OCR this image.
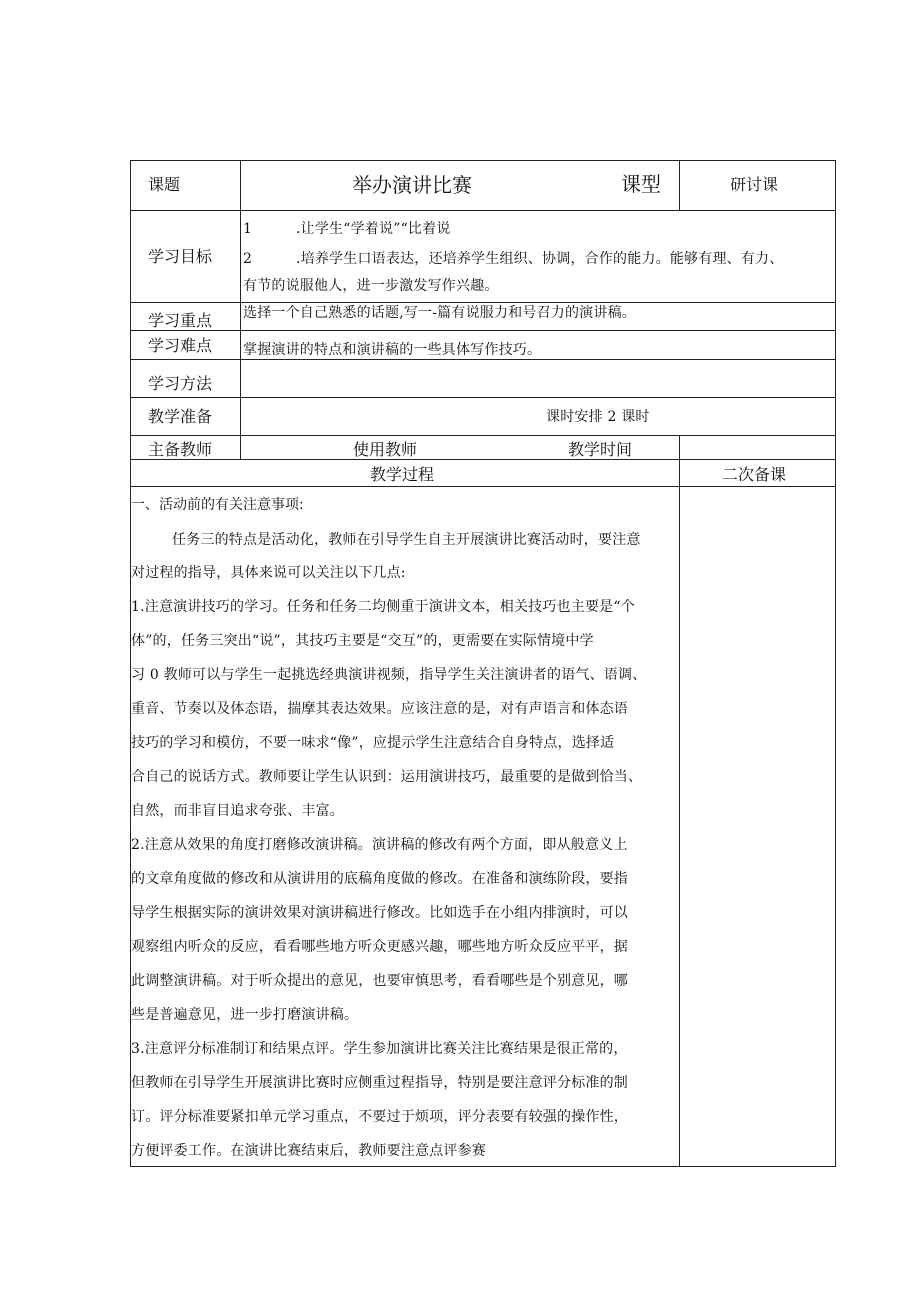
课题	举办演讲比赛	课型	研讨课
学习目标
1	.让学生“学着说”“比着说
2	.培养学生口语表达，还培养学生组织、协调，合作的能力。能够有理、有力、
有节的说服他人，进一步激发写作兴趣。
学习重点 选择一个自己熟悉的话题,写一-篇有说服力和号召力的演讲稿。
学习难点 掌握演讲的特点和演讲稿的一些具体写作技巧。
学习方法
教学准备	课时安排 2 课时
主备教师	使用教师	教学时间
教学过程	二次备课
一、活动前的有关注意事项:
任务三的特点是活动化，教师在引导学生自主开展演讲比赛活动时，要注意
对过程的指导，具体来说可以关注以下几点:
1.注意演讲技巧的学习。任务和任务二均侧重于演讲文本，相关技巧也主要是“个
体”的，任务三突出“说”，其技巧主要是“交互”的，更需要在实际情境中学
习 0 教师可以与学生一起挑选经典演讲视频，指导学生关注演讲者的语气、语调、
重音、节奏以及体态语，揣摩其表达效果。应该注意的是，对有声语言和体态语
技巧的学习和模仿，不要一味求“像”，应提示学生注意结合自身特点，选择适
合自己的说话方式。教师要让学生认识到：运用演讲技巧，最重要的是做到恰当、
自然，而非盲目追求夸张、丰富。
2.注意从效果的角度打磨修改演讲稿。演讲稿的修改有两个方面，即从般意义上
的文章角度做的修改和从演讲用的底稿角度做的修改。在准备和演练阶段，要指
导学生根据实际的演讲效果对演讲稿进行修改。比如选手在小组内排演时，可以
观察组内听众的反应，看看哪些地方听众更感兴趣，哪些地方听众反应平平，据
此调整演讲稿。对于听众提出的意见，也要审慎思考，看看哪些是个别意见，哪
些是普遍意见，进一步打磨演讲稿。
3.注意评分标准制订和结果点评。学生参加演讲比赛关注比赛结果是很正常的，
但教师在引导学生开展演讲比赛时应侧重过程指导，特别是要注意评分标准的制
订。评分标准要紧扣单元学习重点，不要过于烦项，评分表要有较强的操作性，
方便评委工作。在演讲比赛结束后，教师要注意点评参赛
